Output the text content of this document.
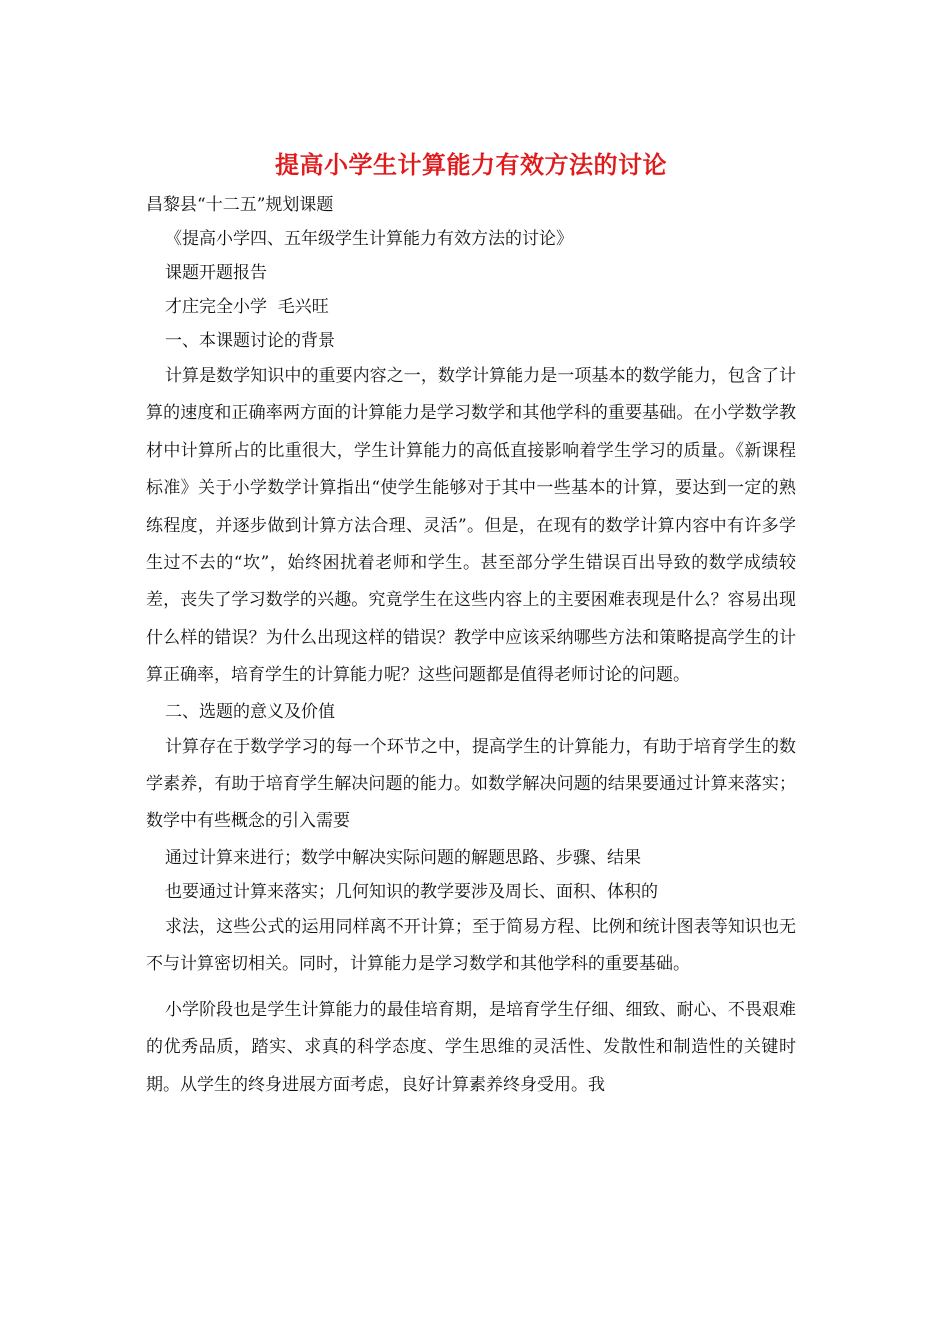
提高小学生计算能力有效方法的讨论

昌黎县“十二五”规划课题

《提高小学四、五年级学生计算能力有效方法的讨论》

课题开题报告

才庄完全小学  毛兴旺

一、本课题讨论的背景

计算是数学知识中的重要内容之一，数学计算能力是一项基本的数学能力，包含了计算的速度和正确率两方面的计算能力是学习数学和其他学科的重要基础。在小学数学教材中计算所占的比重很大，学生计算能力的高低直接影响着学生学习的质量。《新课程标准》关于小学数学计算指出“使学生能够对于其中一些基本的计算，要达到一定的熟练程度，并逐步做到计算方法合理、灵活”。但是，在现有的数学计算内容中有许多学生过不去的“坎”，始终困扰着老师和学生。甚至部分学生错误百出导致的数学成绩较差，丧失了学习数学的兴趣。究竟学生在这些内容上的主要困难表现是什么？容易出现什么样的错误？为什么出现这样的错误？教学中应该采纳哪些方法和策略提高学生的计算正确率，培育学生的计算能力呢？这些问题都是值得老师讨论的问题。

二、选题的意义及价值

计算存在于数学学习的每一个环节之中，提高学生的计算能力，有助于培育学生的数学素养，有助于培育学生解决问题的能力。如数学解决问题的结果要通过计算来落实；数学中有些概念的引入需要

通过计算来进行；数学中解决实际问题的解题思路、步骤、结果

也要通过计算来落实；几何知识的教学要涉及周长、面积、体积的

求法，这些公式的运用同样离不开计算；至于简易方程、比例和统计图表等知识也无不与计算密切相关。同时，计算能力是学习数学和其他学科的重要基础。

小学阶段也是学生计算能力的最佳培育期，是培育学生仔细、细致、耐心、不畏艰难的优秀品质，踏实、求真的科学态度、学生思维的灵活性、发散性和制造性的关键时期。从学生的终身进展方面考虑，良好计算素养终身受用。我
